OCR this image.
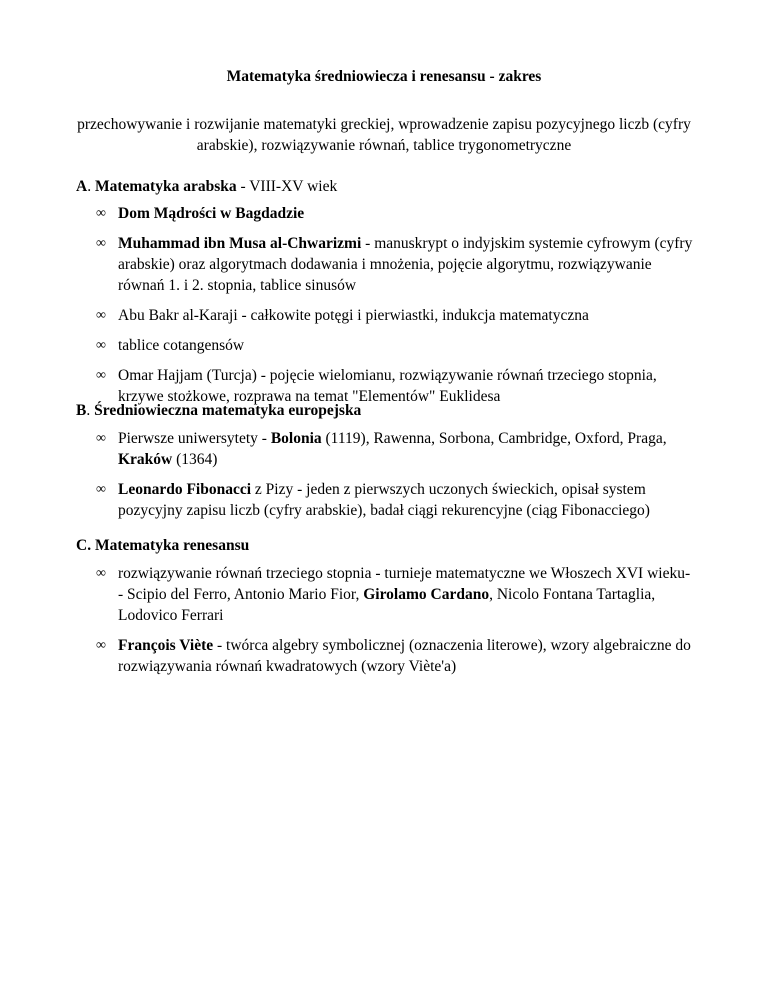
Matematyka średniowiecza i renesansu - zakres

przechowywanie i rozwijanie matematyki greckiej, wprowadzenie zapisu pozycyjnego liczb (cyfry arabskie), rozwiązywanie równań, tablice trygonometryczne

A. Matematyka arabska - VIII-XV wiek

∞ Dom Mądrości w Bagdadzie
∞ Muhammad ibn Musa al-Chwarizmi - manuskrypt o indyjskim systemie cyfrowym (cyfry arabskie) oraz algorytmach dodawania i mnożenia, pojęcie algorytmu, rozwiązywanie równań 1. i 2. stopnia, tablice sinusów
∞ Abu Bakr al-Karaji - całkowite potęgi i pierwiastki, indukcja matematyczna
∞ tablice cotangensów
∞ Omar Hajjam (Turcja) - pojęcie wielomianu, rozwiązywanie równań trzeciego stopnia, krzywe stożkowe, rozprawa na temat "Elementów" Euklidesa

B. Średniowieczna matematyka europejska

∞ Pierwsze uniwersytety - Bolonia (1119), Rawenna, Sorbona, Cambridge, Oxford, Praga, Kraków (1364)
∞ Leonardo Fibonacci z Pizy - jeden z pierwszych uczonych świeckich, opisał system pozycyjny zapisu liczb (cyfry arabskie), badał ciągi rekurencyjne (ciąg Fibonacciego)

C. Matematyka renesansu

∞ rozwiązywanie równań trzeciego stopnia - turnieje matematyczne we Włoszech XVI wieku- - Scipio del Ferro, Antonio Mario Fior, Girolamo Cardano, Nicolo Fontana Tartaglia, Lodovico Ferrari
∞ François Viète - twórca algebry symbolicznej (oznaczenia literowe), wzory algebraiczne do rozwiązywania równań kwadratowych (wzory Viète'a)
